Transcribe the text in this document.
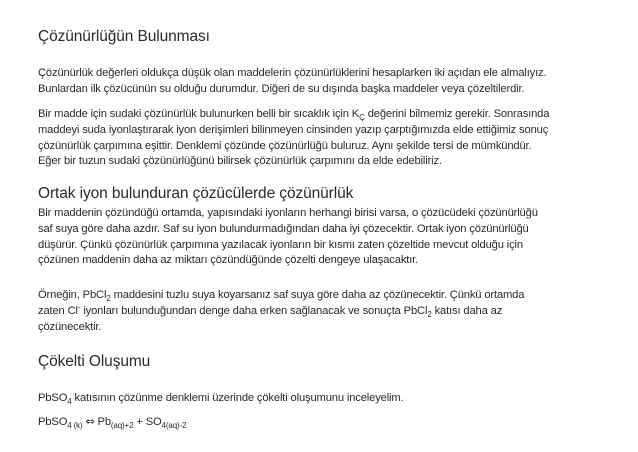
Çözünürlüğün Bulunması

Çözünürlük değerleri oldukça düşük olan maddelerin çözünürlüklerini hesaplarken iki açıdan ele almalıyız.
Bunlardan ilk çözücünün su olduğu durumdur. Diğeri de su dışında başka maddeler veya çözeltilerdir.

Bir madde için sudaki çözünürlük bulunurken belli bir sıcaklık için $K_Ç$ değerini bilmemiz gerekir. Sonrasında
maddeyi suda iyonlaştırarak iyon derişimleri bilinmeyen cinsinden yazıp çarptığımızda elde ettiğimiz sonuç
çözünürlük çarpımına eşittir. Denklemi çözünde çözünürlüğü buluruz. Aynı şekilde tersi de mümkündür.
Eğer bir tuzun sudaki çözünürlüğünü bilirsek çözünürlük çarpımını da elde edebiliriz.

Ortak iyon bulunduran çözücülerde çözünürlük

Bir maddenin çözündüğü ortamda, yapısındaki iyonların herhangi birisi varsa, o çözücüdeki çözünürlüğü
saf suya göre daha azdır. Saf su iyon bulundurmadığından daha iyi çözecektir. Ortak iyon çözünürlüğü
düşürür. Çünkü çözünürlük çarpımına yazılacak iyonların bir kısmı zaten çözeltide mevcut olduğu için
çözünen maddenin daha az miktarı çözündüğünde çözelti dengeye ulaşacaktır.

Örneğin, PbCl$_2$ maddesini tuzlu suya koyarsanız saf suya göre daha az çözünecektir. Çünkü ortamda
zaten Cl- iyonları bulunduğundan denge daha erken sağlanacak ve sonuçta PbCl$_2$ katısı daha az
çözünecektir.

Çökelti Oluşumu

PbSO$_4$ katısının çözünme denklemi üzerinde çökelti oluşumunu inceleyelim.

PbSO$_{4 (k)}$ ⇔ $Pb_{(aq)+2} + SO_{4(aq)-2}$
